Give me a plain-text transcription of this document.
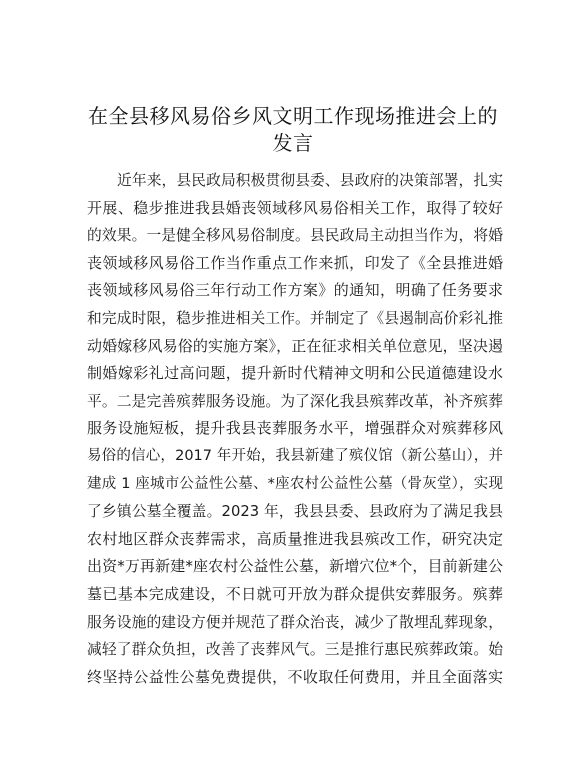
在全县移风易俗乡风文明工作现场推进会上的
发言
近年来，县民政局积极贯彻县委、县政府的决策部署，扎实
开展、稳步推进我县婚丧领域移风易俗相关工作，取得了较好
的效果。一是健全移风易俗制度。县民政局主动担当作为，将婚
丧领域移风易俗工作当作重点工作来抓，印发了《全县推进婚
丧领域移风易俗三年行动工作方案》的通知，明确了任务要求
和完成时限，稳步推进相关工作。并制定了《县遏制高价彩礼推
动婚嫁移风易俗的实施方案》，正在征求相关单位意见，坚决遏
制婚嫁彩礼过高问题，提升新时代精神文明和公民道德建设水
平。二是完善殡葬服务设施。为了深化我县殡葬改革，补齐殡葬
服务设施短板，提升我县丧葬服务水平，增强群众对殡葬移风
易俗的信心，2017 年开始，我县新建了殡仪馆（新公墓山），并
建成 1 座城市公益性公墓、*座农村公益性公墓（骨灰堂），实现
了乡镇公墓全覆盖。2023 年，我县县委、县政府为了满足我县
农村地区群众丧葬需求，高质量推进我县殡改工作，研究决定
出资*万再新建*座农村公益性公墓，新增穴位*个，目前新建公
墓已基本完成建设，不日就可开放为群众提供安葬服务。殡葬
服务设施的建设方便并规范了群众治丧，减少了散埋乱葬现象，
减轻了群众负担，改善了丧葬风气。三是推行惠民殡葬政策。始
终坚持公益性公墓免费提供，不收取任何费用，并且全面落实
